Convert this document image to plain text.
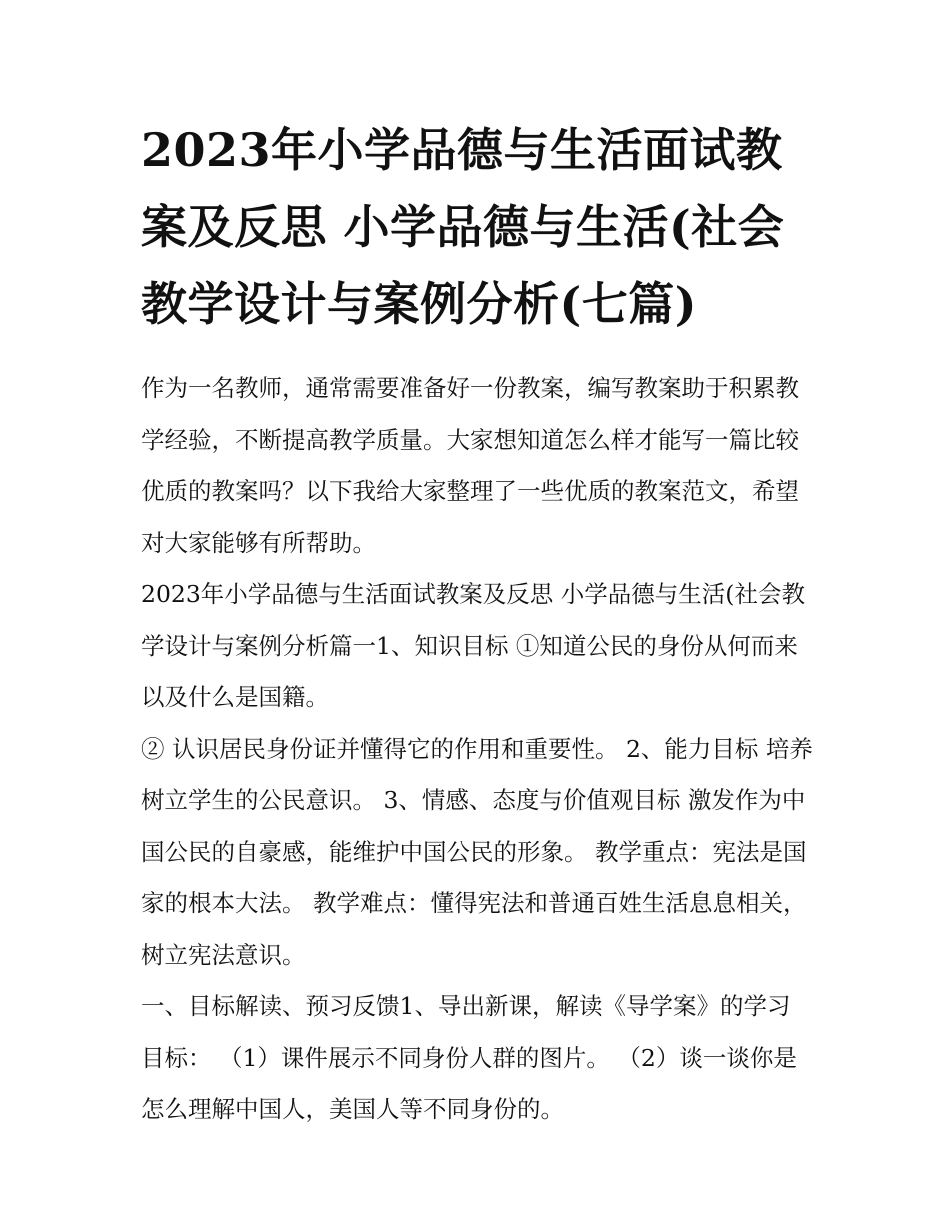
2023年小学品德与生活面试教案及反思 小学品德与生活(社会教学设计与案例分析(七篇)

作为一名教师，通常需要准备好一份教案，编写教案助于积累教学经验，不断提高教学质量。大家想知道怎么样才能写一篇比较优质的教案吗？以下我给大家整理了一些优质的教案范文，希望对大家能够有所帮助。

2023年小学品德与生活面试教案及反思 小学品德与生活(社会教学设计与案例分析篇一1、知识目标 ①知道公民的身份从何而来以及什么是国籍。

② 认识居民身份证并懂得它的作用和重要性。 2、能力目标 培养树立学生的公民意识。 3、情感、态度与价值观目标 激发作为中国公民的自豪感，能维护中国公民的形象。 教学重点：宪法是国家的根本大法。 教学难点：懂得宪法和普通百姓生活息息相关，树立宪法意识。

一、目标解读、预习反馈1、导出新课，解读《导学案》的学习目标： （1）课件展示不同身份人群的图片。 （2）谈一谈你是怎么理解中国人，美国人等不同身份的。
